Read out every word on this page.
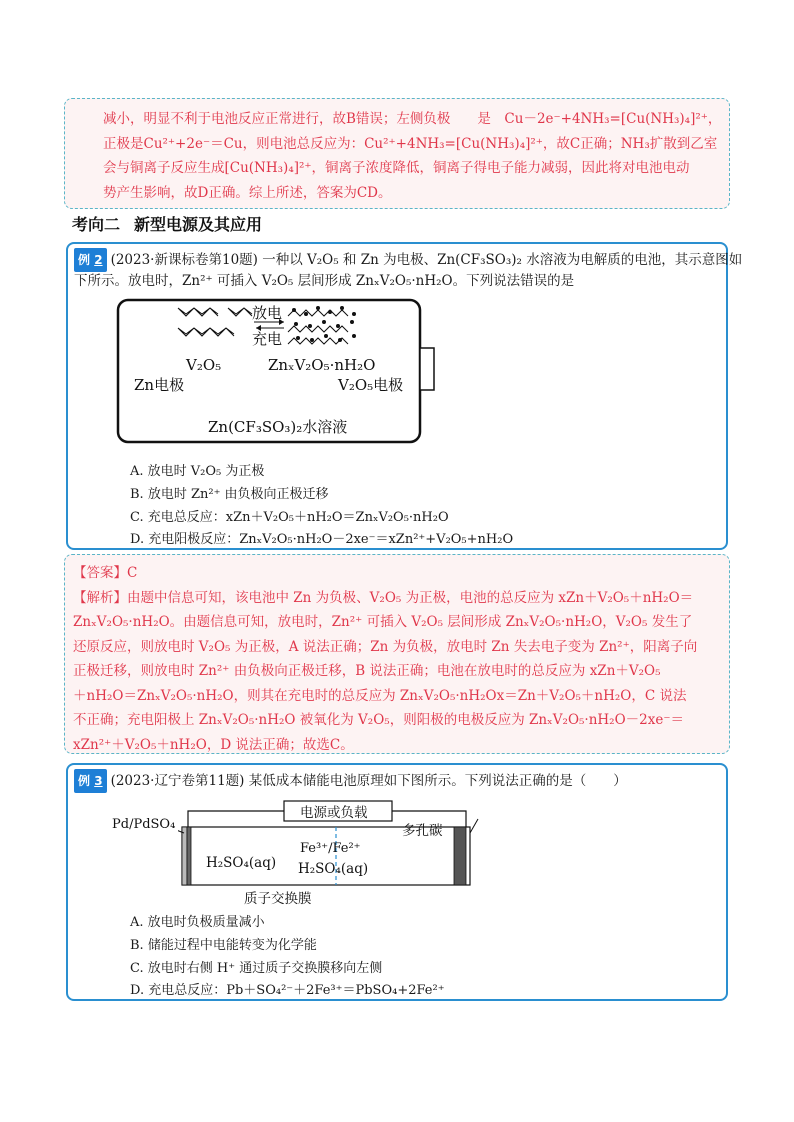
减小，明显不利于电池反应正常进行，故B错误；左侧负极　　是　Cu－2e⁻+4NH₃=[Cu(NH₃)₄]²⁺，
正极是Cu²⁺+2e⁻＝Cu，则电池总反应为：Cu²⁺+4NH₃=[Cu(NH₃)₄]²⁺，故C正确；NH₃扩散到乙室
会与铜离子反应生成[Cu(NH₃)₄]²⁺，铜离子浓度降低，铜离子得电子能力减弱，因此将对电池电动
势产生影响，故D正确。综上所述，答案为CD。
考向二 新型电源及其应用
例 2 (2023·新课标卷第10题) 一种以 V₂O₅ 和 Zn 为电极、Zn(CF₃SO₃)₂ 水溶液为电解质的电池，其示意图如
下所示。放电时，Zn²⁺ 可插入 V₂O₅ 层间形成 ZnₓV₂O₅·nH₂O。下列说法错误的是
放电
充电
V₂O₅	ZnₓV₂O₅·nH₂O
Zn电极	V₂O₅电极
Zn(CF₃SO₃)₂水溶液
A. 放电时 V₂O₅ 为正极
B. 放电时 Zn²⁺ 由负极向正极迁移
C. 充电总反应：xZn＋V₂O₅＋nH₂O＝ZnₓV₂O₅·nH₂O
D. 充电阳极反应：ZnₓV₂O₅·nH₂O－2xe⁻＝xZn²⁺+V₂O₅+nH₂O
【答案】C
【解析】由题中信息可知，该电池中 Zn 为负极、V₂O₅ 为正极，电池的总反应为 xZn＋V₂O₅＋nH₂O＝
ZnₓV₂O₅·nH₂O。由题信息可知，放电时，Zn²⁺ 可插入 V₂O₅ 层间形成 ZnₓV₂O₅·nH₂O，V₂O₅ 发生了
还原反应，则放电时 V₂O₅ 为正极，A 说法正确；Zn 为负极，放电时 Zn 失去电子变为 Zn²⁺，阳离子向
正极迁移，则放电时 Zn²⁺ 由负极向正极迁移，B 说法正确；电池在放电时的总反应为 xZn＋V₂O₅
＋nH₂O＝ZnₓV₂O₅·nH₂O，则其在充电时的总反应为 ZnₓV₂O₅·nH₂Ox＝Zn＋V₂O₅＋nH₂O，C 说法
不正确；充电阳极上 ZnₓV₂O₅·nH₂O 被氧化为 V₂O₅，则阳极的电极反应为 ZnₓV₂O₅·nH₂O－2xe⁻＝
xZn²⁺＋V₂O₅＋nH₂O，D 说法正确；故选C。
例 3 (2023·辽宁卷第11题) 某低成本储能电池原理如下图所示。下列说法正确的是（　　）
电源或负载
Pd/PdSO₄	多孔碳
H₂SO₄(aq)
Fe³⁺/Fe²⁺
H₂SO₄(aq)
质子交换膜
A. 放电时负极质量减小
B. 储能过程中电能转变为化学能
C. 放电时右侧 H⁺ 通过质子交换膜移向左侧
D. 充电总反应：Pb＋SO₄²⁻＋2Fe³⁺＝PbSO₄+2Fe²⁺
